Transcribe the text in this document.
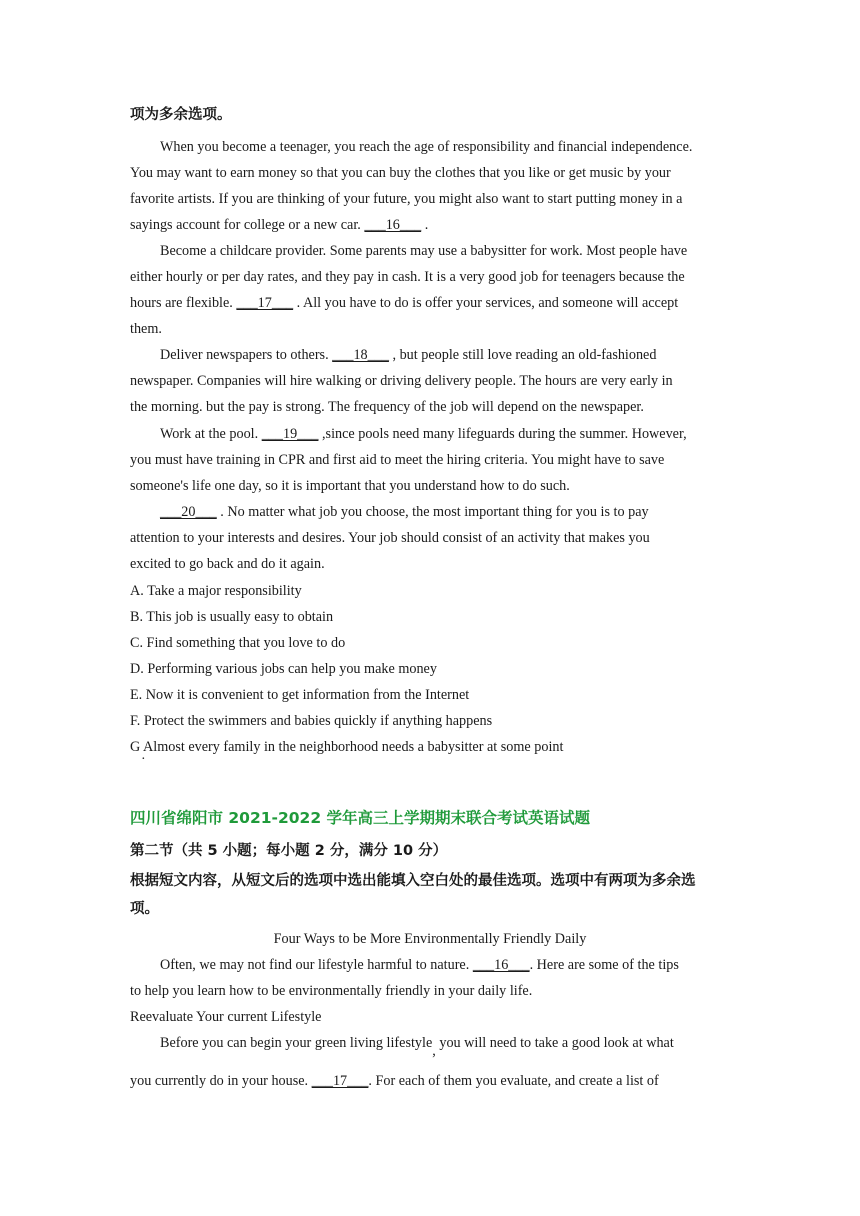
项为多余选项。
When you become a teenager, you reach the age of responsibility and financial independence.
You may want to earn money so that you can buy the clothes that you like or get music by your
favorite artists. If you are thinking of your future, you might also want to start putting money in a
sayings account for college or a new car. ___16___ .
Become a childcare provider. Some parents may use a babysitter for work. Most people have
either hourly or per day rates, and they pay in cash. It is a very good job for teenagers because the
hours are flexible. ___17___ . All you have to do is offer your services, and someone will accept
them.
Deliver newspapers to others. ___18___ , but people still love reading an old-fashioned
newspaper. Companies will hire walking or driving delivery people. The hours are very early in
the morning. but the pay is strong. The frequency of the job will depend on the newspaper.
Work at the pool. ___19___ ,since pools need many lifeguards during the summer. However,
you must have training in CPR and first aid to meet the hiring criteria. You might have to save
someone's life one day, so it is important that you understand how to do such.
___20___ . No matter what job you choose, the most important thing for you is to pay
attention to your interests and desires. Your job should consist of an activity that makes you
excited to go back and do it again.
A. Take a major responsibility
B. This job is usually easy to obtain
C. Find something that you love to do
D. Performing various jobs can help you make money
E. Now it is convenient to get information from the Internet
F. Protect the swimmers and babies quickly if anything happens
G Almost every family in the neighborhood needs a babysitter at some point
·
四川省绵阳市 2021-2022 学年高三上学期期末联合考试英语试题
第二节（共 5 小题；每小题 2 分，满分 10 分）
根据短文内容，从短文后的选项中选出能填入空白处的最佳选项。选项中有两项为多余选
项。
Four Ways to be More Environmentally Friendly Daily
Often, we may not find our lifestyle harmful to nature. ___16___. Here are some of the tips
to help you learn how to be environmentally friendly in your daily life.
Reevaluate Your current Lifestyle
Before you can begin your green living lifestyle, you will need to take a good look at what
you currently do in your house. ___17___. For each of them you evaluate, and create a list of
